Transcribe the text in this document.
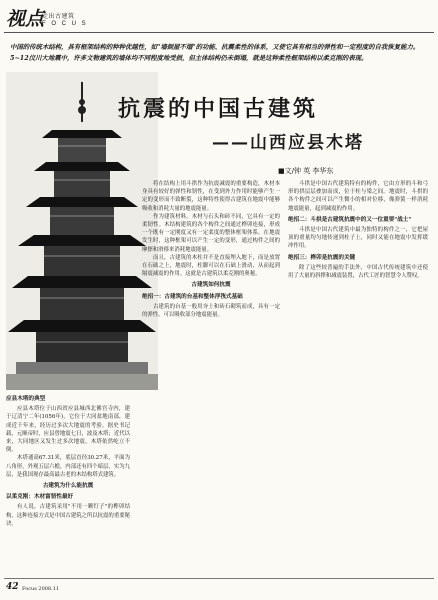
视点
走出古建筑
F O C U S
中国的传统木结构，具有框架结构的种种优越性，如"墙倒屋不塌"的功能、抗震柔性的体系，又使它具有相当的弹性和一定程度的自我恢复能力。5~12汶川大地震中，许多文物建筑的墙体均不同程度地受损，但主体结构仍未倒塌，就是这种柔性框架结构以柔克刚的表现。
抗震的中国古建筑
——山西应县木塔
■文/钟 英 李华东
应县木塔的典型

应县木塔位于山西省应县城西北佛宫寺内，建于辽清宁二年(1056年)，它位于大同盆地南部，建成近千年来，经历过多次大地震的考验。据史书记载，元顺帝时，应县曾地震七日，波及木塔；近代以来，大同地区又发生过多次地震，木塔依然屹立不倒。

木塔通高67.31米，底层直径30.27米，平面为八角形，外观五层六檐，内部还有四个暗层，实为九层，是我国现存最高最古老的木结构塔式建筑。

古建筑为什么能抗震
以柔克刚：木材富韧性最好

有人说，古建筑采用"不用一颗钉子"的榫卯结构，这种连接方式是中国古建筑之所以抗震的重要秘诀。

将在结构上用斗拱作为抗震减震的重要构造，木材本身具有较好的弹性和韧性，在受到外力作用时能够产生一定的变形而不致断裂，这种特性使得古建筑在地震中能够吸收和消耗大量的地震能量。

作为建筑材料，木材与石头和砖不同，它具有一定的柔韧性。木结构建筑的各个构件之间通过榫卯连接，形成一个既有一定刚度又有一定柔度的整体框架体系。在地震发生时，这种框架可以产生一定的变形，通过构件之间的摩擦和滑移来消耗地震能量。

而且，古建筑的木柱并不是直接埋入地下，而是放置在石础之上，地震时，柱脚可以在石础上滑动，从而起到隔震减震的作用。这就是古建筑以柔克刚的奥秘。

古建筑如何抗震
绝招一：古建筑的台基和整体浮筏式基础

古建筑的台基一般用夯土和砖石砌筑而成，具有一定的弹性，可以吸收部分地震能量。

斗拱是中国古代建筑特有的构件，它由方形的斗和弓形的拱层层叠加而成，位于柱与梁之间。地震时，斗拱的各个构件之间可以产生微小的相对位移，像弹簧一样消耗地震能量，起到减震的作用。

绝招二：斗拱是古建筑抗震中的又一位重要"战士"

斗拱是中国古代建筑中最为独特的构件之一，它把屋顶的重量均匀地传递到柱子上，同时又能在地震中发挥缓冲作用。

绝招三：榫卯是抗震的关键

除了这些较普遍的手法外，中国古代传统建筑中还使用了大量的斜撑和减震装置，古代工匠的智慧令人赞叹。

42 Focus 2008.11
